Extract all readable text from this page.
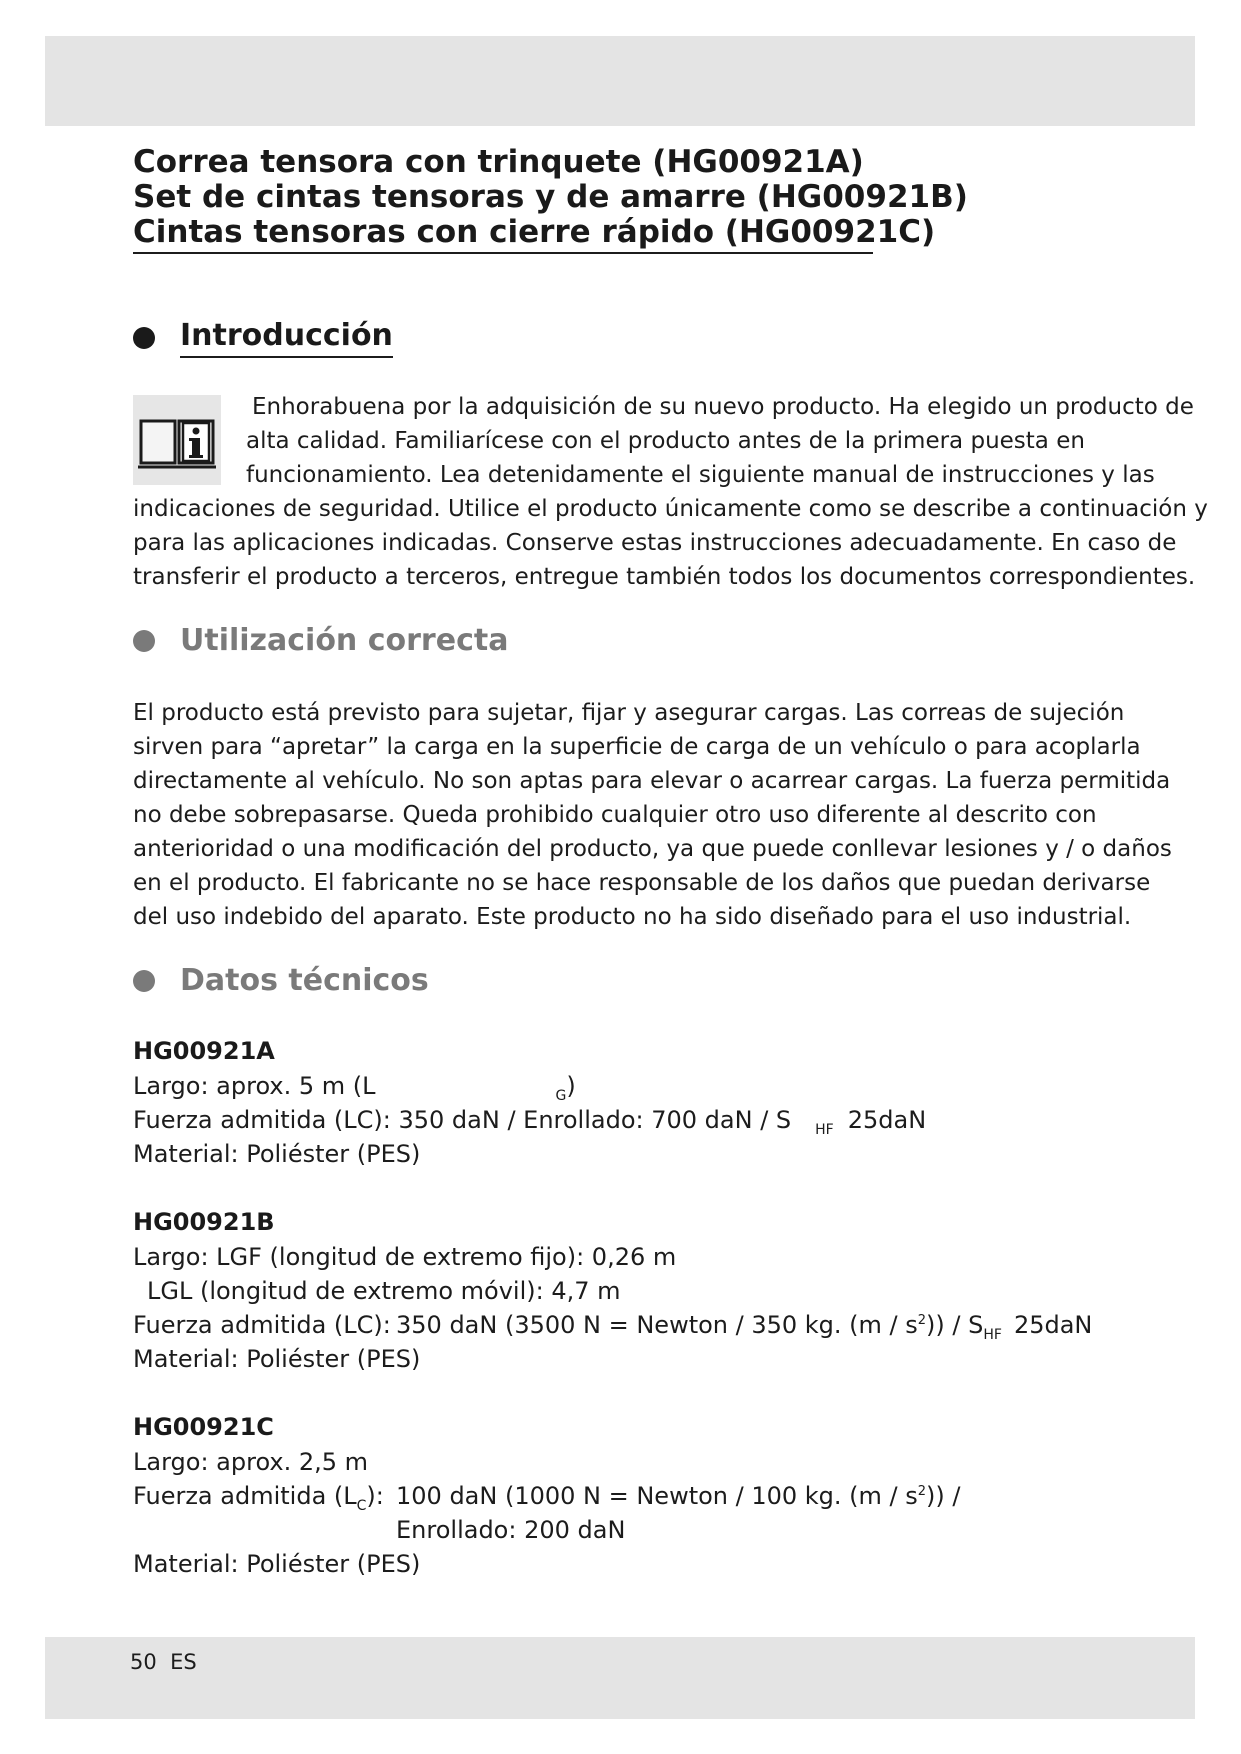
Correa tensora con trinquete (HG00921A)
Set de cintas tensoras y de amarre (HG00921B)
Cintas tensoras con cierre rápido (HG00921C)
Introducción
Enhorabuena por la adquisición de su nuevo producto. Ha elegido un producto de
alta calidad. Familiarícese con el producto antes de la primera puesta en
funcionamiento. Lea detenidamente el siguiente manual de instrucciones y las
indicaciones de seguridad. Utilice el producto únicamente como se describe a continuación y
para las aplicaciones indicadas. Conserve estas instrucciones adecuadamente. En caso de
transferir el producto a terceros, entregue también todos los documentos correspondientes.
Utilización correcta
El producto está previsto para sujetar, fijar y asegurar cargas. Las correas de sujeción
sirven para “apretar” la carga en la superficie de carga de un vehículo o para acoplarla
directamente al vehículo. No son aptas para elevar o acarrear cargas. La fuerza permitida
no debe sobrepasarse. Queda prohibido cualquier otro uso diferente al descrito con
anterioridad o una modificación del producto, ya que puede conllevar lesiones y / o daños
en el producto. El fabricante no se hace responsable de los daños que puedan derivarse
del uso indebido del aparato. Este producto no ha sido diseñado para el uso industrial.
Datos técnicos
HG00921A
Largo: aprox. 5 m (L	$_G$)
Fuerza admitida (LC): 350 daN / Enrollado: 700 daN / S $_{HF}$ 25daN
Material: Poliéster (PES)
HG00921B
Largo: LGF (longitud de extremo fijo): 0,26 m
LGL (longitud de extremo móvil): 4,7 m
Fuerza admitida (LC): 350 daN (3500 N = Newton / 350 kg. $(m / s^2)) / S_{HF}$ 25daN
Material: Poliéster (PES)
HG00921C
Largo: aprox. 2,5 m
Fuerza admitida $(L_C)$: 100 daN (1000 N = Newton / 100 kg. $(m / s^2)$) /
Enrollado: 200 daN
Material: Poliéster (PES)
50 ES
